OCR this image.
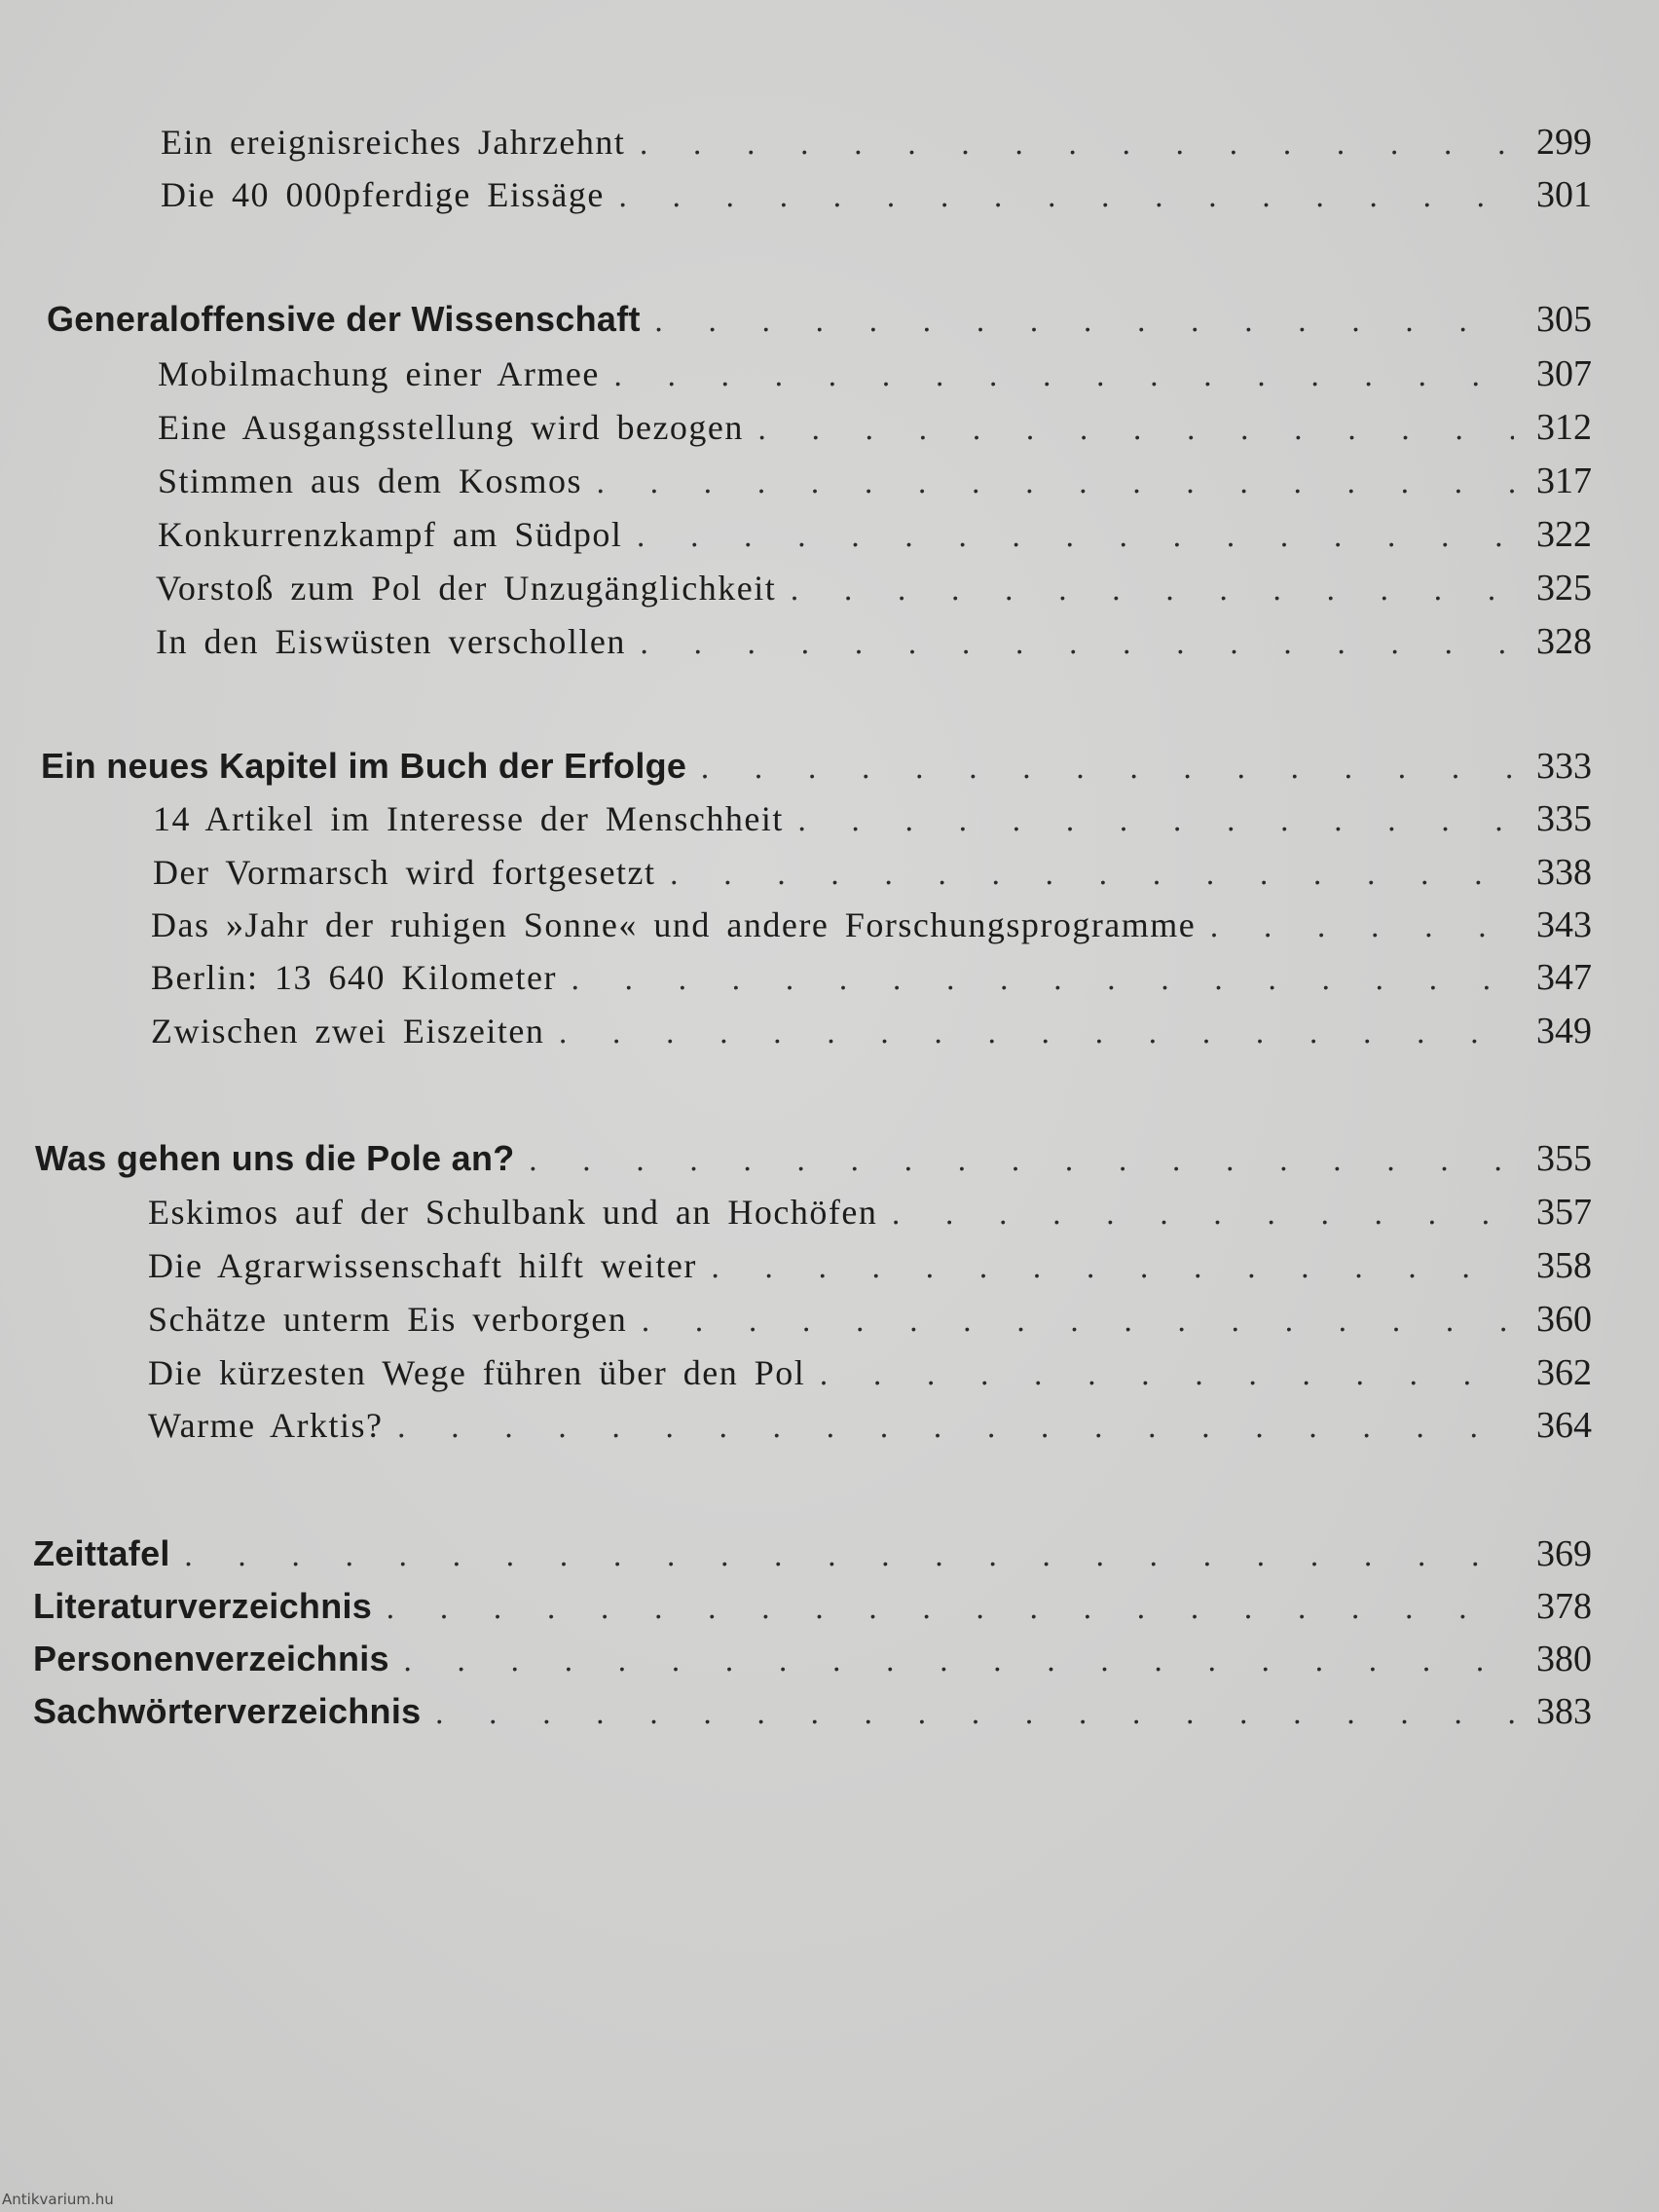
Ein ereignisreiches Jahrzehnt . . .	299
Die 40 000pferdige Eissäge . . .	301
Generaloffensive der Wissenschaft . . .	305
Mobilmachung einer Armee . . .	307
Eine Ausgangsstellung wird bezogen . . .	312
Stimmen aus dem Kosmos . . .	317
Konkurrenzkampf am Südpol . . .	322
Vorstoß zum Pol der Unzugänglichkeit . . .	325
In den Eiswüsten verschollen . . .	328
Ein neues Kapitel im Buch der Erfolge . . .	333
14 Artikel im Interesse der Menschheit . . .	335
Der Vormarsch wird fortgesetzt . . .	338
Das »Jahr der ruhigen Sonne« und andere Forschungsprogramme . . .	343
Berlin: 13 640 Kilometer . . .	347
Zwischen zwei Eiszeiten . . .	349
Was gehen uns die Pole an? . . .	355
Eskimos auf der Schulbank und an Hochöfen . . .	357
Die Agrarwissenschaft hilft weiter . . .	358
Schätze unterm Eis verborgen . . .	360
Die kürzesten Wege führen über den Pol . . .	362
Warme Arktis? . . .	364
Zeittafel . . .	369
Literaturverzeichnis . . .	378
Personenverzeichnis . . .	380
Sachwörterverzeichnis . . .	383
Antikvarium.hu
